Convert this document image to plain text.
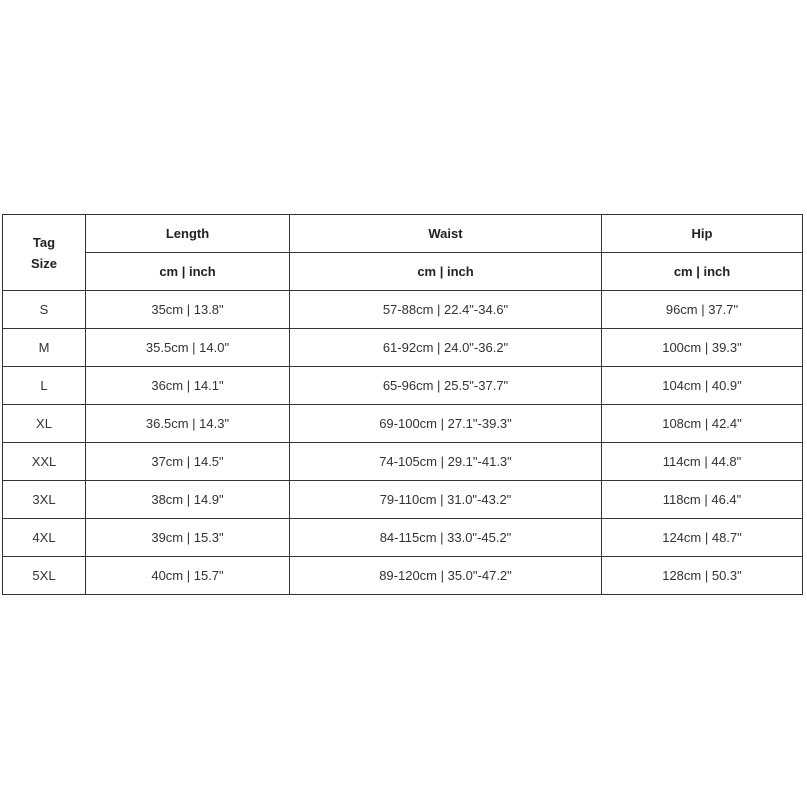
Tag
Size	Length	Waist	Hip
	cm | inch	cm | inch	cm | inch
S	35cm | 13.8"	57-88cm | 22.4"-34.6"	96cm | 37.7"
M	35.5cm | 14.0"	61-92cm | 24.0"-36.2"	100cm | 39.3"
L	36cm | 14.1"	65-96cm | 25.5"-37.7"	104cm | 40.9"
XL	36.5cm | 14.3"	69-100cm | 27.1"-39.3"	108cm | 42.4"
XXL	37cm | 14.5"	74-105cm | 29.1"-41.3"	114cm | 44.8"
3XL	38cm | 14.9"	79-110cm | 31.0"-43.2"	118cm | 46.4"
4XL	39cm | 15.3"	84-115cm | 33.0"-45.2"	124cm | 48.7"
5XL	40cm | 15.7"	89-120cm | 35.0"-47.2"	128cm | 50.3"
